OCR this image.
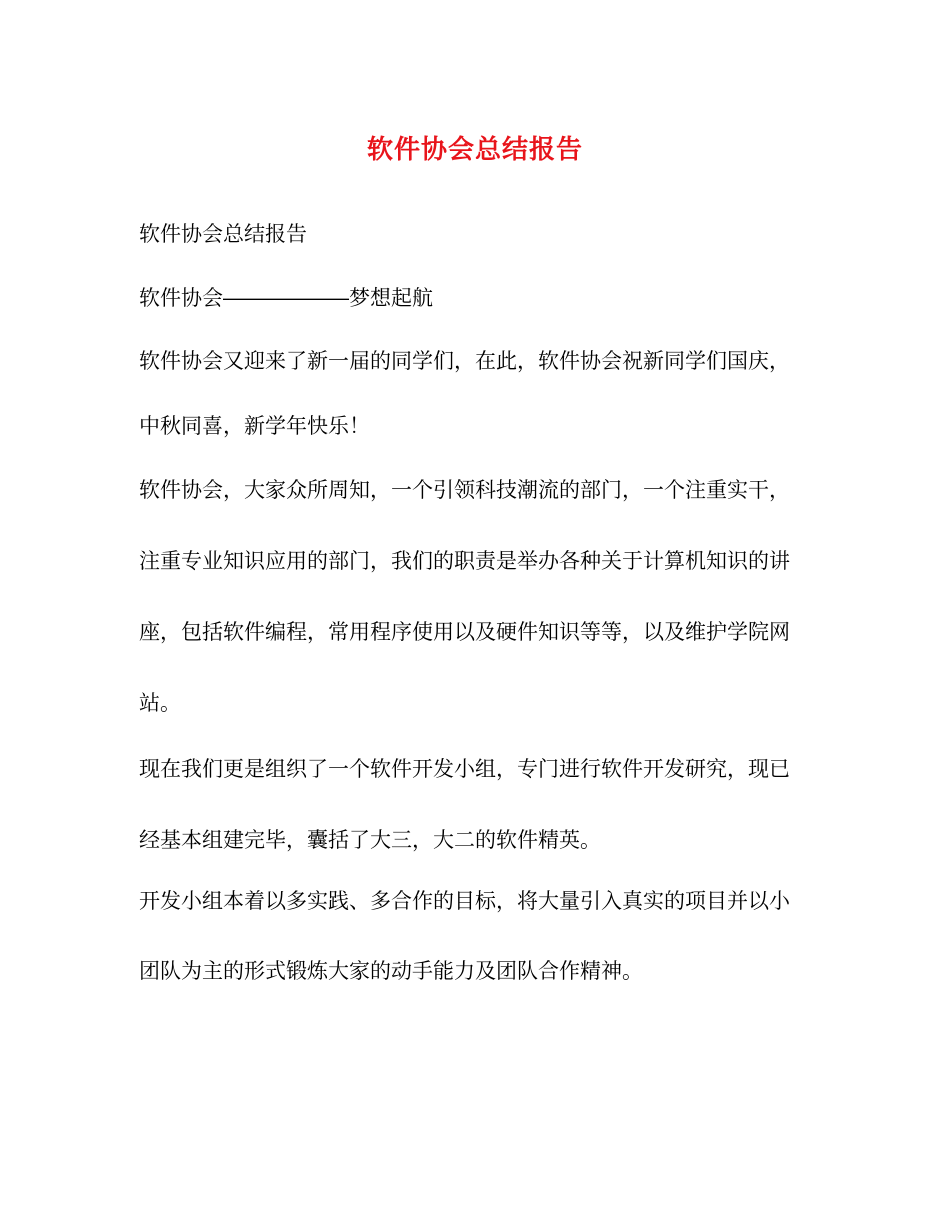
软件协会总结报告
软件协会总结报告
软件协会――――――梦想起航
软件协会又迎来了新一届的同学们，在此，软件协会祝新同学们国庆，
中秋同喜，新学年快乐！
软件协会，大家众所周知，一个引领科技潮流的部门，一个注重实干，
注重专业知识应用的部门，我们的职责是举办各种关于计算机知识的讲
座，包括软件编程，常用程序使用以及硬件知识等等，以及维护学院网
站。
现在我们更是组织了一个软件开发小组，专门进行软件开发研究，现已
经基本组建完毕，囊括了大三，大二的软件精英。
开发小组本着以多实践、多合作的目标，将大量引入真实的项目并以小
团队为主的形式锻炼大家的动手能力及团队合作精神。
